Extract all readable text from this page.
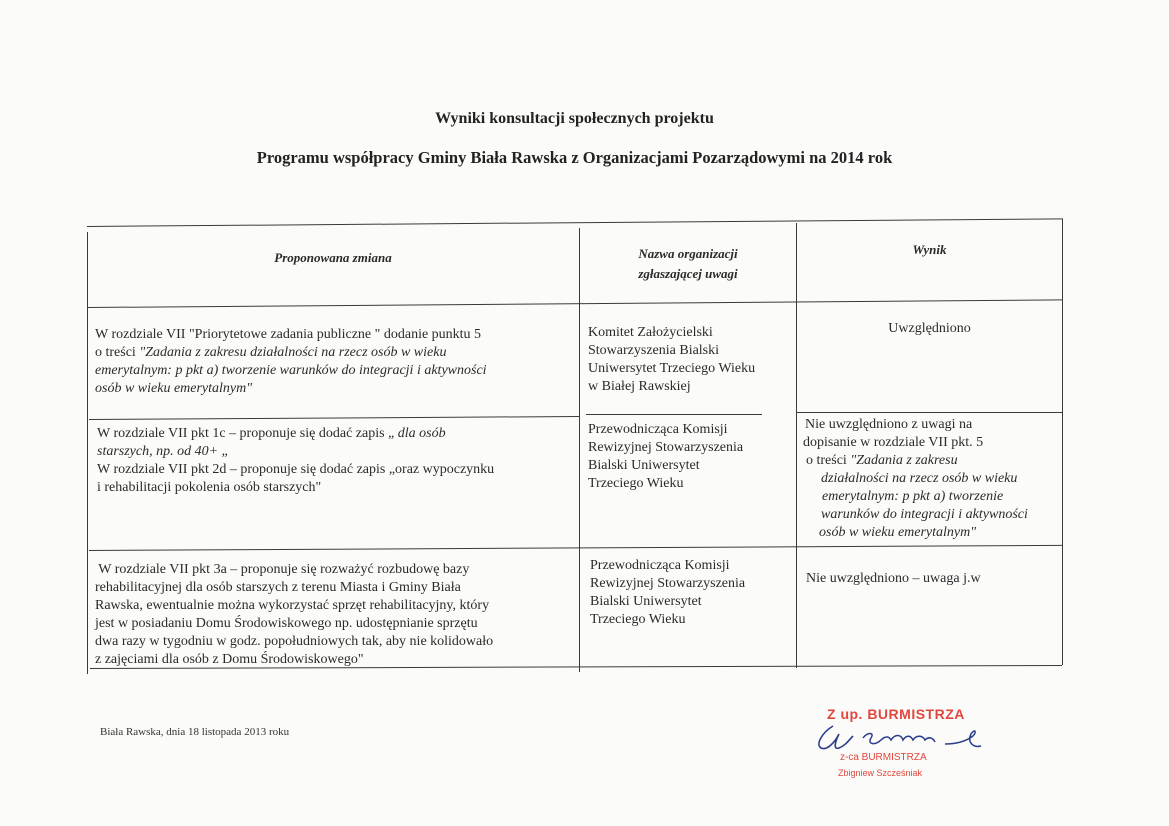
Wyniki konsultacji społecznych projektu
Programu współpracy Gminy Biała Rawska z Organizacjami Pozarządowymi na 2014 rok
Proponowana zmiana	Nazwa organizacji
zgłaszającej uwagi
Wynik

W rozdziale VII "Priorytetowe zadania publiczne " dodanie punktu 5

o treści "Zadania z zakresu działalności na rzecz osób w wieku

emerytalnym: p pkt a) tworzenie warunków do integracji i aktywności

osób w wieku emerytalnym"

Komitet Założycielski

Stowarzyszenia Bialski

Uniwersytet Trzeciego Wieku

w Białej Rawskiej

Uwzględniono

W rozdziale VII pkt 1c – proponuje się dodać zapis „ dla osób

starszych, np. od 40+ „

W rozdziale VII pkt 2d – proponuje się dodać zapis „oraz wypoczynku

i rehabilitacji pokolenia osób starszych"

Przewodnicząca Komisji

Rewizyjnej Stowarzyszenia

Bialski Uniwersytet

Trzeciego Wieku

Nie uwzględniono z uwagi na

dopisanie w rozdziale VII pkt. 5

o treści "Zadania z zakresu

działalności na rzecz osób w wieku

emerytalnym: p pkt a) tworzenie

warunków do integracji i aktywności

osób w wieku emerytalnym"

W rozdziale VII pkt 3a – proponuje się rozważyć rozbudowę bazy

rehabilitacyjnej dla osób starszych z terenu Miasta i Gminy Biała

Rawska, ewentualnie można wykorzystać sprzęt rehabilitacyjny, który

jest w posiadaniu Domu Środowiskowego np. udostępnianie sprzętu

dwa razy w tygodniu w godz. popołudniowych tak, aby nie kolidowało

z zajęciami dla osób z Domu Środowiskowego"

Przewodnicząca Komisji

Rewizyjnej Stowarzyszenia

Bialski Uniwersytet

Trzeciego Wieku

Nie uwzględniono – uwaga j.w
Biała Rawska, dnia 18 listopada 2013 roku
Z up. BURMISTRZA
z-ca BURMISTRZA
Zbigniew Szcześniak
